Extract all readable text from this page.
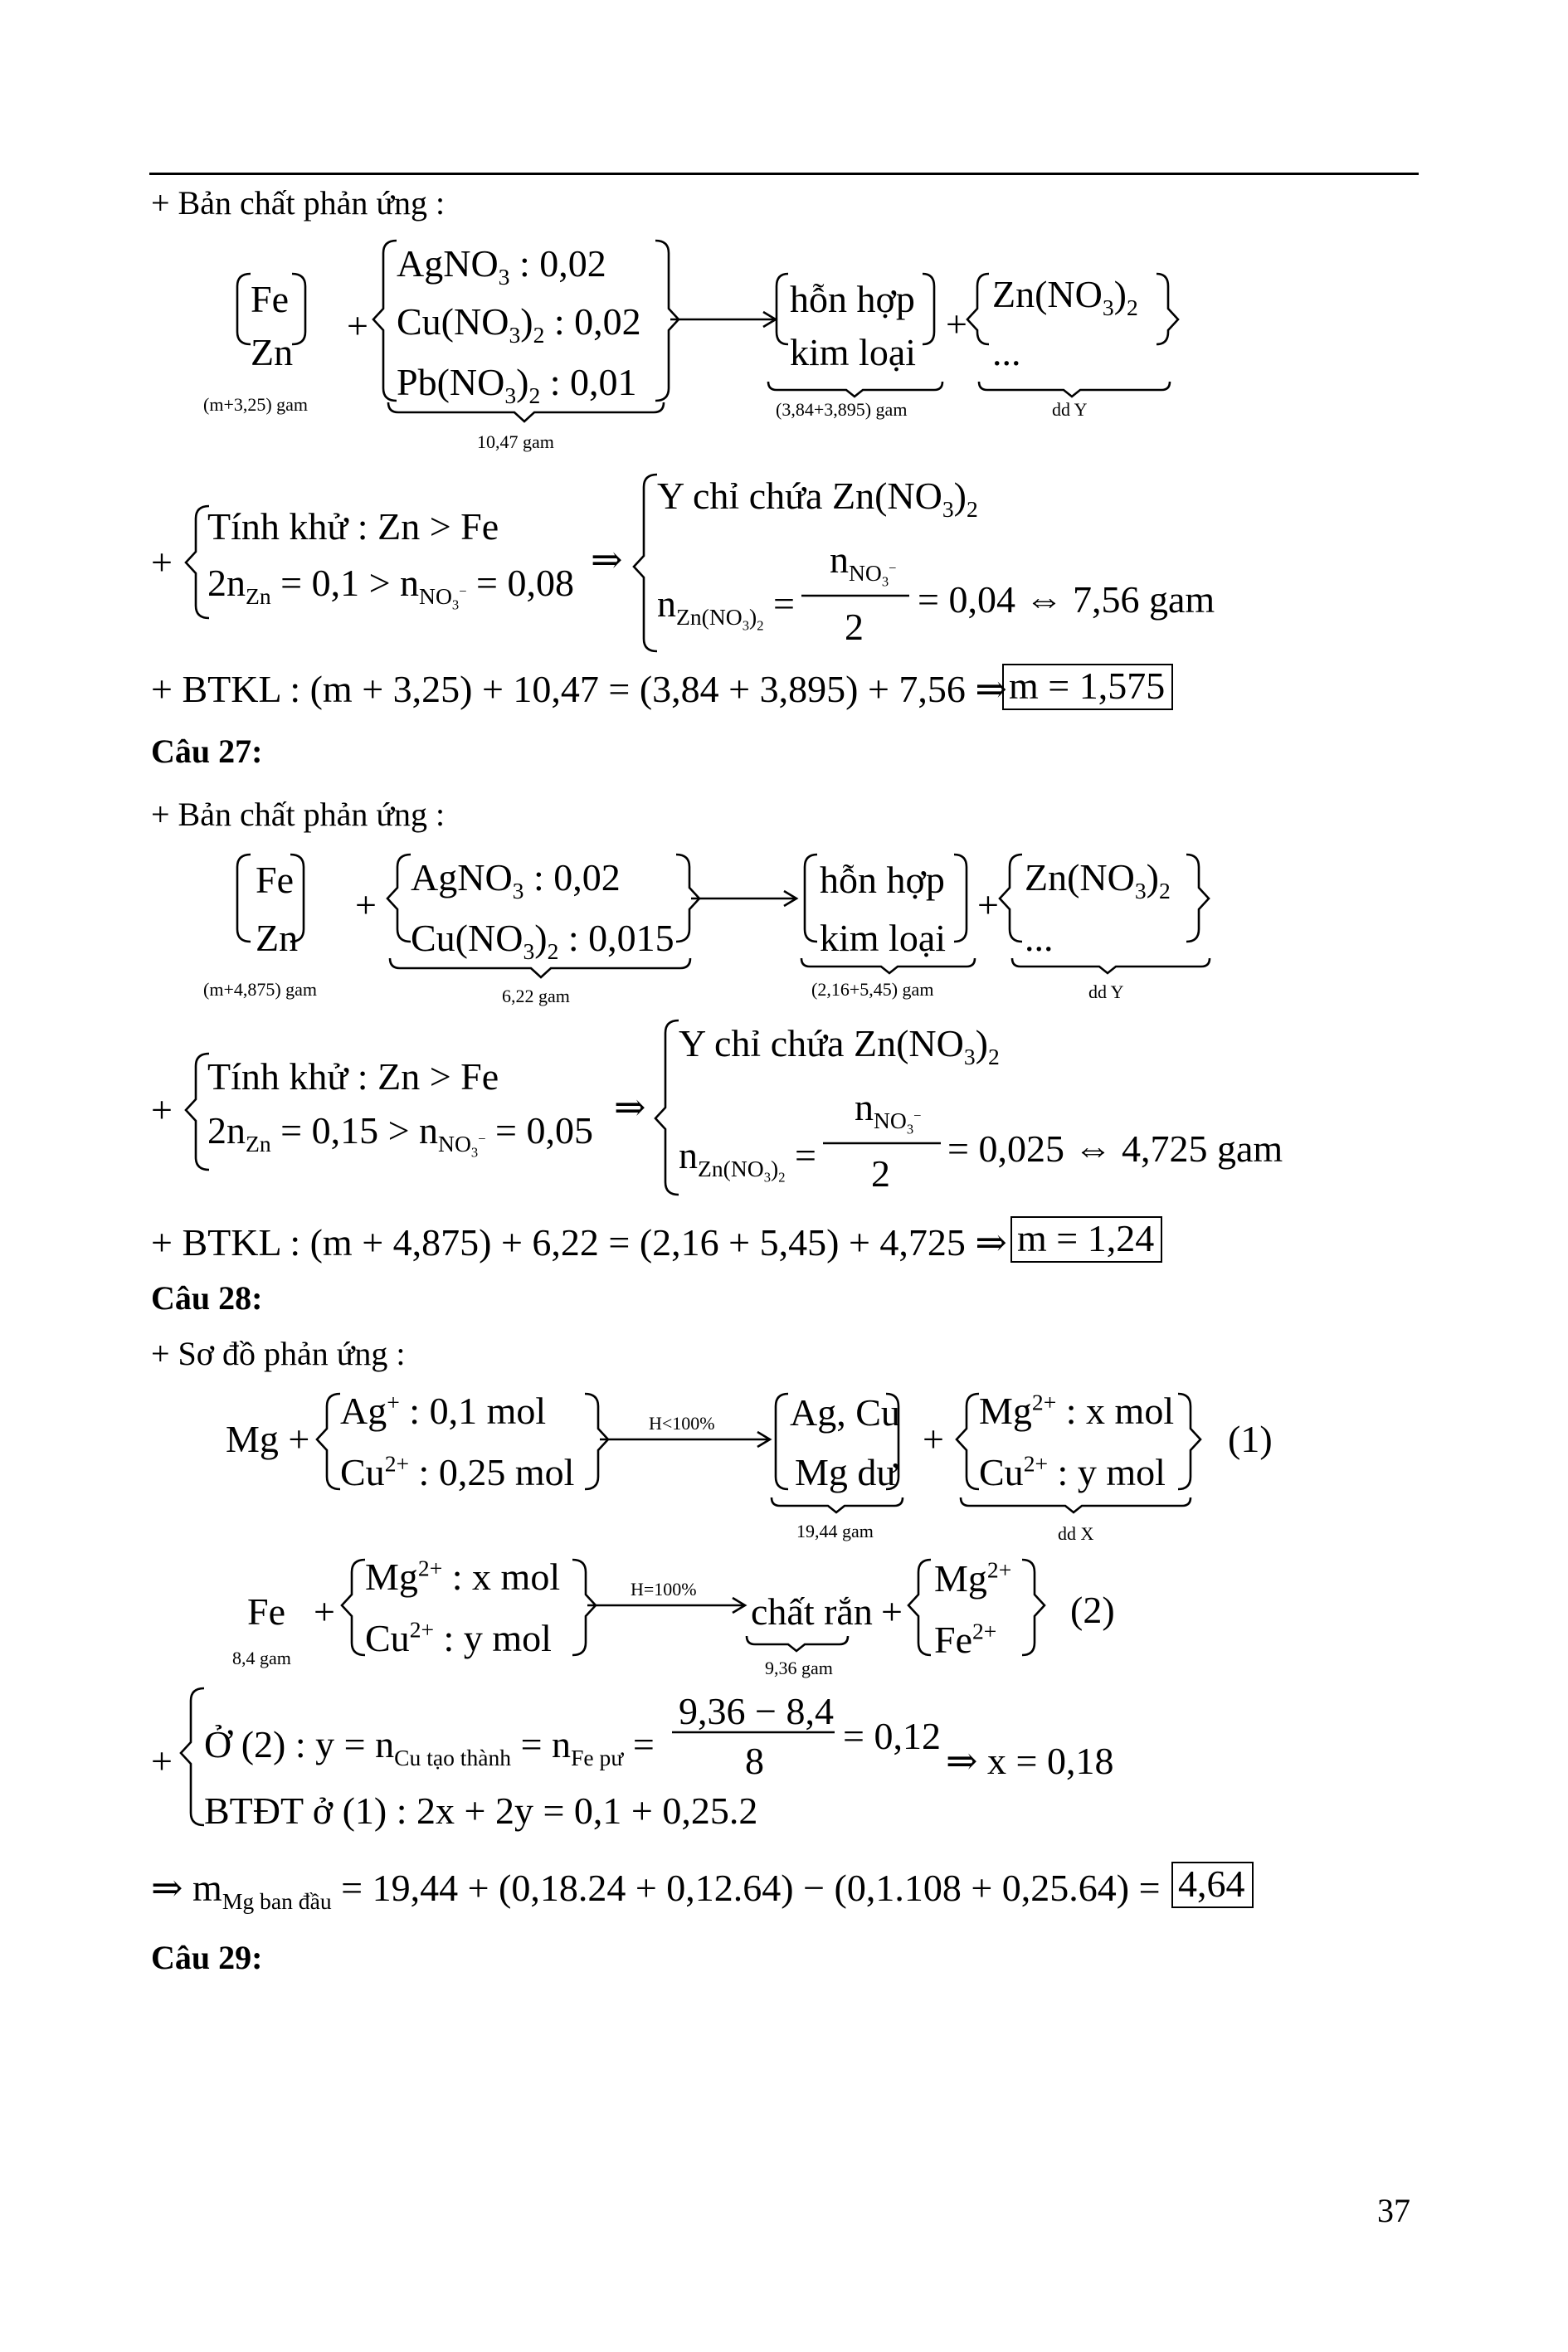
+ Bản chất phản ứng :
Fe
Zn
(m+3,25) gam
+
AgNO$_3$ : 0,02
$Cu(NO_3)_2$ : 0,02
$Pb(NO_3)_2$ : 0,01
10,47 gam
hỗn hợp
kim loại
(3,84+3,895) gam
+
$Zn(NO_3)_2$
...
dd Y
+
Tính khử : Zn > Fe
$2n_{Zn} = 0,1 > n_{NO_3^-} = 0,08$
⇒
Y chỉ chứa $Zn(NO_3)_2$
$n_{Zn(NO_3)_2}$ =
$n_{NO_3^-}$
2
= 0,04 ⇔ 7,56 gam
+ BTKL : (m + 3,25) + 10,47 = (3,84 + 3,895) + 7,56 ⇒ m = 1,575
Câu 27:
+ Bản chất phản ứng :
Fe
Zn
(m+4,875) gam
+
AgNO$_3$ : 0,02
$Cu(NO_3)_2$ : 0,015
6,22 gam
hỗn hợp
kim loại
(2,16+5,45) gam
+
$Zn(NO_3)_2$
...
dd Y
+
Tính khử : Zn > Fe
$2n_{Zn} = 0,15 > n_{NO_3^-} = 0,05$
⇒
Y chỉ chứa $Zn(NO_3)_2$
$n_{Zn(NO_3)_2}$ =
$n_{NO_3^-}$
2
= 0,025 ⇔ 4,725 gam
+ BTKL : (m + 4,875) + 6,22 = (2,16 + 5,45) + 4,725 ⇒ m = 1,24
Câu 28:
+ Sơ đồ phản ứng :
Mg +
Ag+ : 0,1 mol
$Cu^{2+}$ : 0,25 mol
H<100% Ag, Cu
Mg dư
19,44 gam
+
$Mg^{2+}$ : x mol
$Cu^{2+}$ : y mol
dd X
(1)
Fe
8,4 gam
+
$Mg^{2+}$ : x mol
$Cu^{2+}$ : y mol
H=100%
chất rắn
9,36 gam
+
$Mg^{2+}$
$Fe^{2+}$
(2)
+ Ở (2) : $y = n_{Cu tạo thành} = n_{Fe pư}$ =
9,36 − 8,4
8
= 0,12
⇒ x = 0,18
BTĐT ở (1) : 2x + 2y = 0,1 + 0,25.2
⇒ $m_{Mg ban đầu} = 19,44 + (0,18.24 + 0,12.64) - (0,1.108 + 0,25.64) = 4,64$
Câu 29:
37
